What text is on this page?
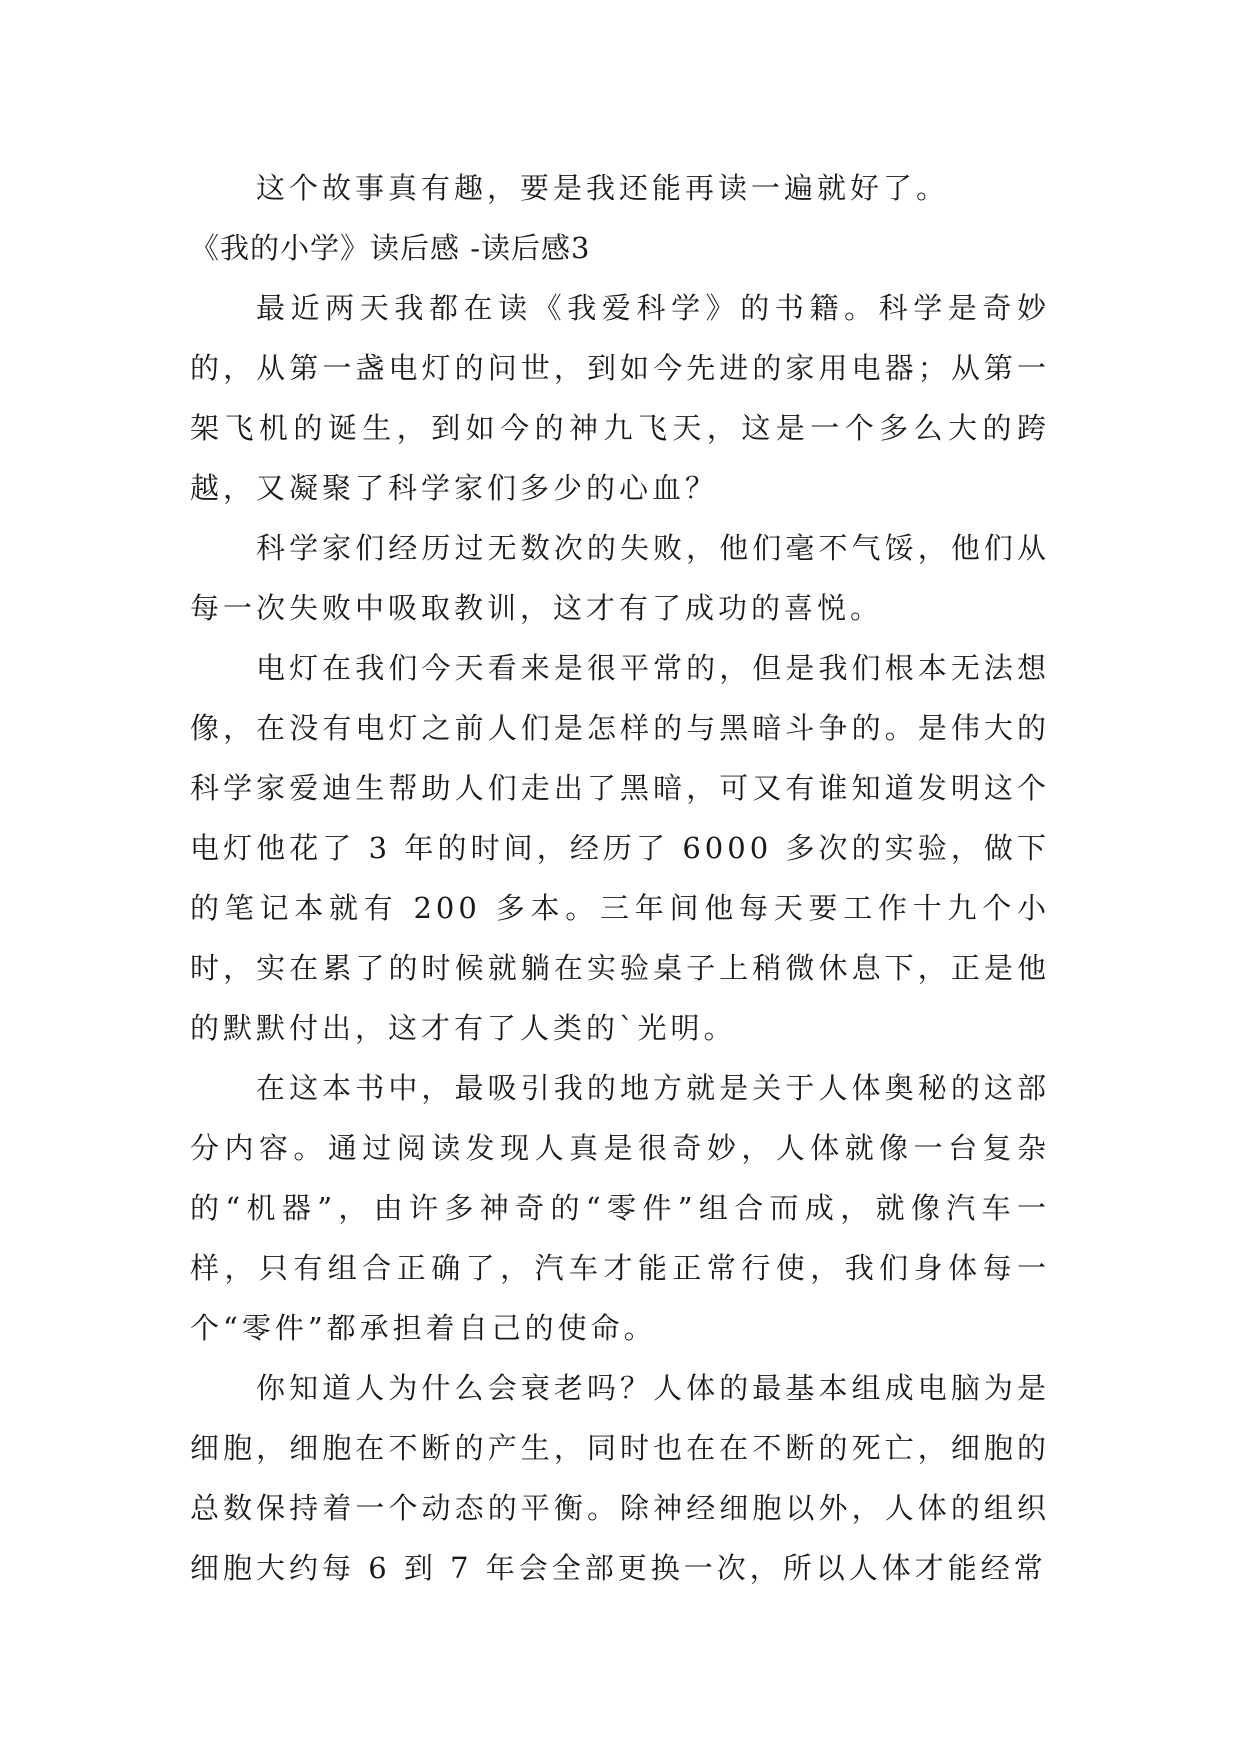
这个故事真有趣，要是我还能再读一遍就好了。

《我的小学》读后感 -读后感3

最近两天我都在读《我爱科学》的书籍。科学是奇妙的，从第一盏电灯的问世，到如今先进的家用电器；从第一架飞机的诞生，到如今的神九飞天，这是一个多么大的跨越，又凝聚了科学家们多少的心血？

科学家们经历过无数次的失败，他们毫不气馁，他们从每一次失败中吸取教训，这才有了成功的喜悦。

电灯在我们今天看来是很平常的，但是我们根本无法想像，在没有电灯之前人们是怎样的与黑暗斗争的。是伟大的科学家爱迪生帮助人们走出了黑暗，可又有谁知道发明这个电灯他花了 3 年的时间，经历了 6000 多次的实验，做下的笔记本就有 200 多本。三年间他每天要工作十九个小时，实在累了的时候就躺在实验桌子上稍微休息下，正是他的默默付出，这才有了人类的`光明。

在这本书中，最吸引我的地方就是关于人体奥秘的这部分内容。通过阅读发现人真是很奇妙，人体就像一台复杂的“机器”，由许多神奇的“零件”组合而成，就像汽车一样，只有组合正确了，汽车才能正常行使，我们身体每一个“零件”都承担着自己的使命。

你知道人为什么会衰老吗？人体的最基本组成电脑为是细胞，细胞在不断的产生，同时也在在不断的死亡，细胞的总数保持着一个动态的平衡。除神经细胞以外，人体的组织细胞大约每 6 到 7 年会全部更换一次，所以人体才能经常
